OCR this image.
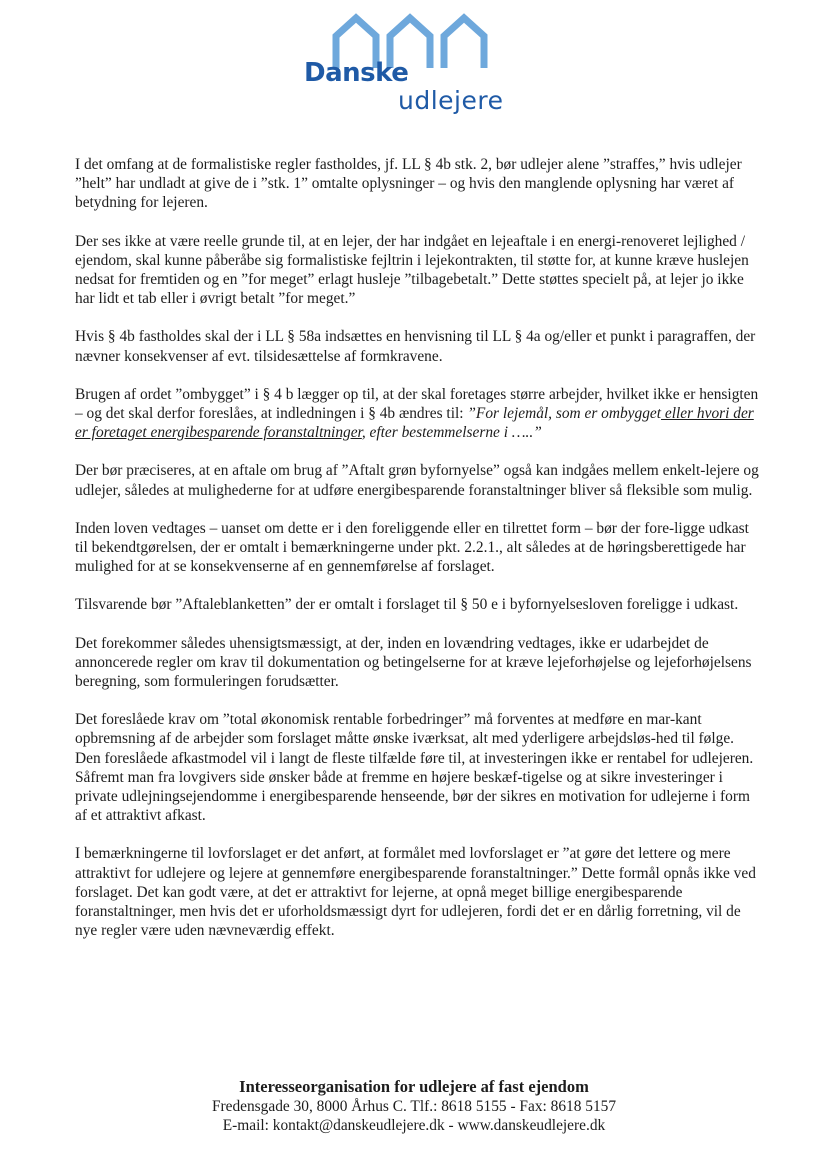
Danske
udlejere

I det omfang at de formalistiske regler fastholdes, jf. LL § 4b stk. 2, bør udlejer alene ”straffes,” hvis udlejer ”helt” har undladt at give de i ”stk. 1” omtalte oplysninger – og hvis den manglende oplysning har været af betydning for lejeren.

Der ses ikke at være reelle grunde til, at en lejer, der har indgået en lejeaftale i en energi-renoveret lejlighed / ejendom, skal kunne påberåbe sig formalistiske fejltrin i lejekontrakten, til støtte for, at kunne kræve huslejen nedsat for fremtiden og en ”for meget” erlagt husleje ”tilbagebetalt.” Dette støttes specielt på, at lejer jo ikke har lidt et tab eller i øvrigt betalt ”for meget.”

Hvis § 4b fastholdes skal der i LL § 58a indsættes en henvisning til LL § 4a og/eller et punkt i paragraffen, der nævner konsekvenser af evt. tilsidesættelse af formkravene.

Brugen af ordet ”ombygget” i § 4 b lægger op til, at der skal foretages større arbejder, hvilket ikke er hensigten – og det skal derfor foreslåes, at indledningen i § 4b ændres til: ”For lejemål, som er ombygget eller hvori der er foretaget energibesparende foranstaltninger, efter bestemmelserne i …..”

Der bør præciseres, at en aftale om brug af ”Aftalt grøn byfornyelse” også kan indgåes mellem enkelt-lejere og udlejer, således at mulighederne for at udføre energibesparende foranstaltninger bliver så fleksible som mulig.

Inden loven vedtages – uanset om dette er i den foreliggende eller en tilrettet form – bør der fore-ligge udkast til bekendtgørelsen, der er omtalt i bemærkningerne under pkt. 2.2.1., alt således at de høringsberettigede har mulighed for at se konsekvenserne af en gennemførelse af forslaget.

Tilsvarende bør ”Aftaleblanketten” der er omtalt i forslaget til § 50 e i byfornyelsesloven foreligge i udkast.

Det forekommer således uhensigtsmæssigt, at der, inden en lovændring vedtages, ikke er udarbejdet de annoncerede regler om krav til dokumentation og betingelserne for at kræve lejeforhøjelse og lejeforhøjelsens beregning, som formuleringen forudsætter.

Det foreslåede krav om ”total økonomisk rentable forbedringer” må forventes at medføre en mar-kant opbremsning af de arbejder som forslaget måtte ønske iværksat, alt med yderligere arbejdsløs-hed til følge. Den foreslåede afkastmodel vil i langt de fleste tilfælde føre til, at investeringen ikke er rentabel for udlejeren. Såfremt man fra lovgivers side ønsker både at fremme en højere beskæf-tigelse og at sikre investeringer i private udlejningsejendomme i energibesparende henseende, bør der sikres en motivation for udlejerne i form af et attraktivt afkast.

I bemærkningerne til lovforslaget er det anført, at formålet med lovforslaget er ”at gøre det lettere og mere attraktivt for udlejere og lejere at gennemføre energibesparende foranstaltninger.” Dette formål opnås ikke ved forslaget. Det kan godt være, at det er attraktivt for lejerne, at opnå meget billige energibesparende foranstaltninger, men hvis det er uforholdsmæssigt dyrt for udlejeren, fordi det er en dårlig forretning, vil de nye regler være uden nævneværdig effekt.

Interesseorganisation for udlejere af fast ejendom
Fredensgade 30, 8000 Århus C. Tlf.: 8618 5155 - Fax: 8618 5157
E-mail: kontakt@danskeudlejere.dk - www.danskeudlejere.dk
